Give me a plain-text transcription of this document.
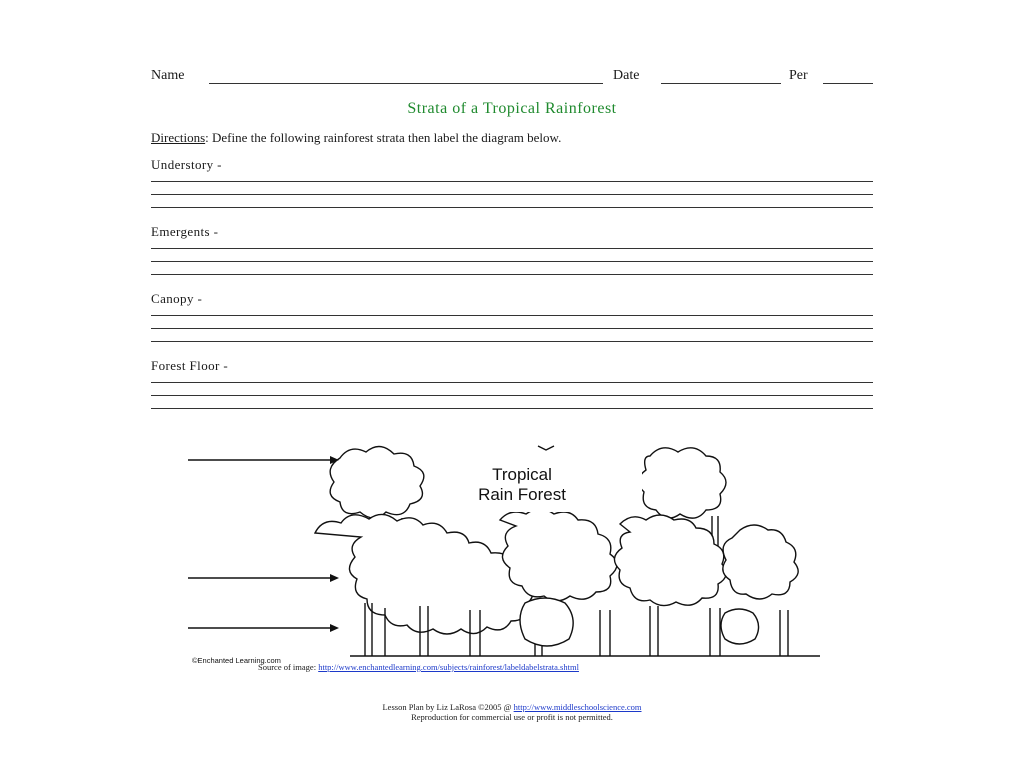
Name	Date	Per
Strata of a Tropical Rainforest
Directions: Define the following rainforest strata then label the diagram below.
Understory -
Emergents -
Canopy -
Forest Floor -
Tropical
Rain Forest
©Enchanted Learning.com
Source of image: http://www.enchantedlearning.com/subjects/rainforest/labeldabelstrata.shtml
Lesson Plan by Liz LaRosa ©2005 @ http://www.middleschoolscience.com
Reproduction for commercial use or profit is not permitted.
